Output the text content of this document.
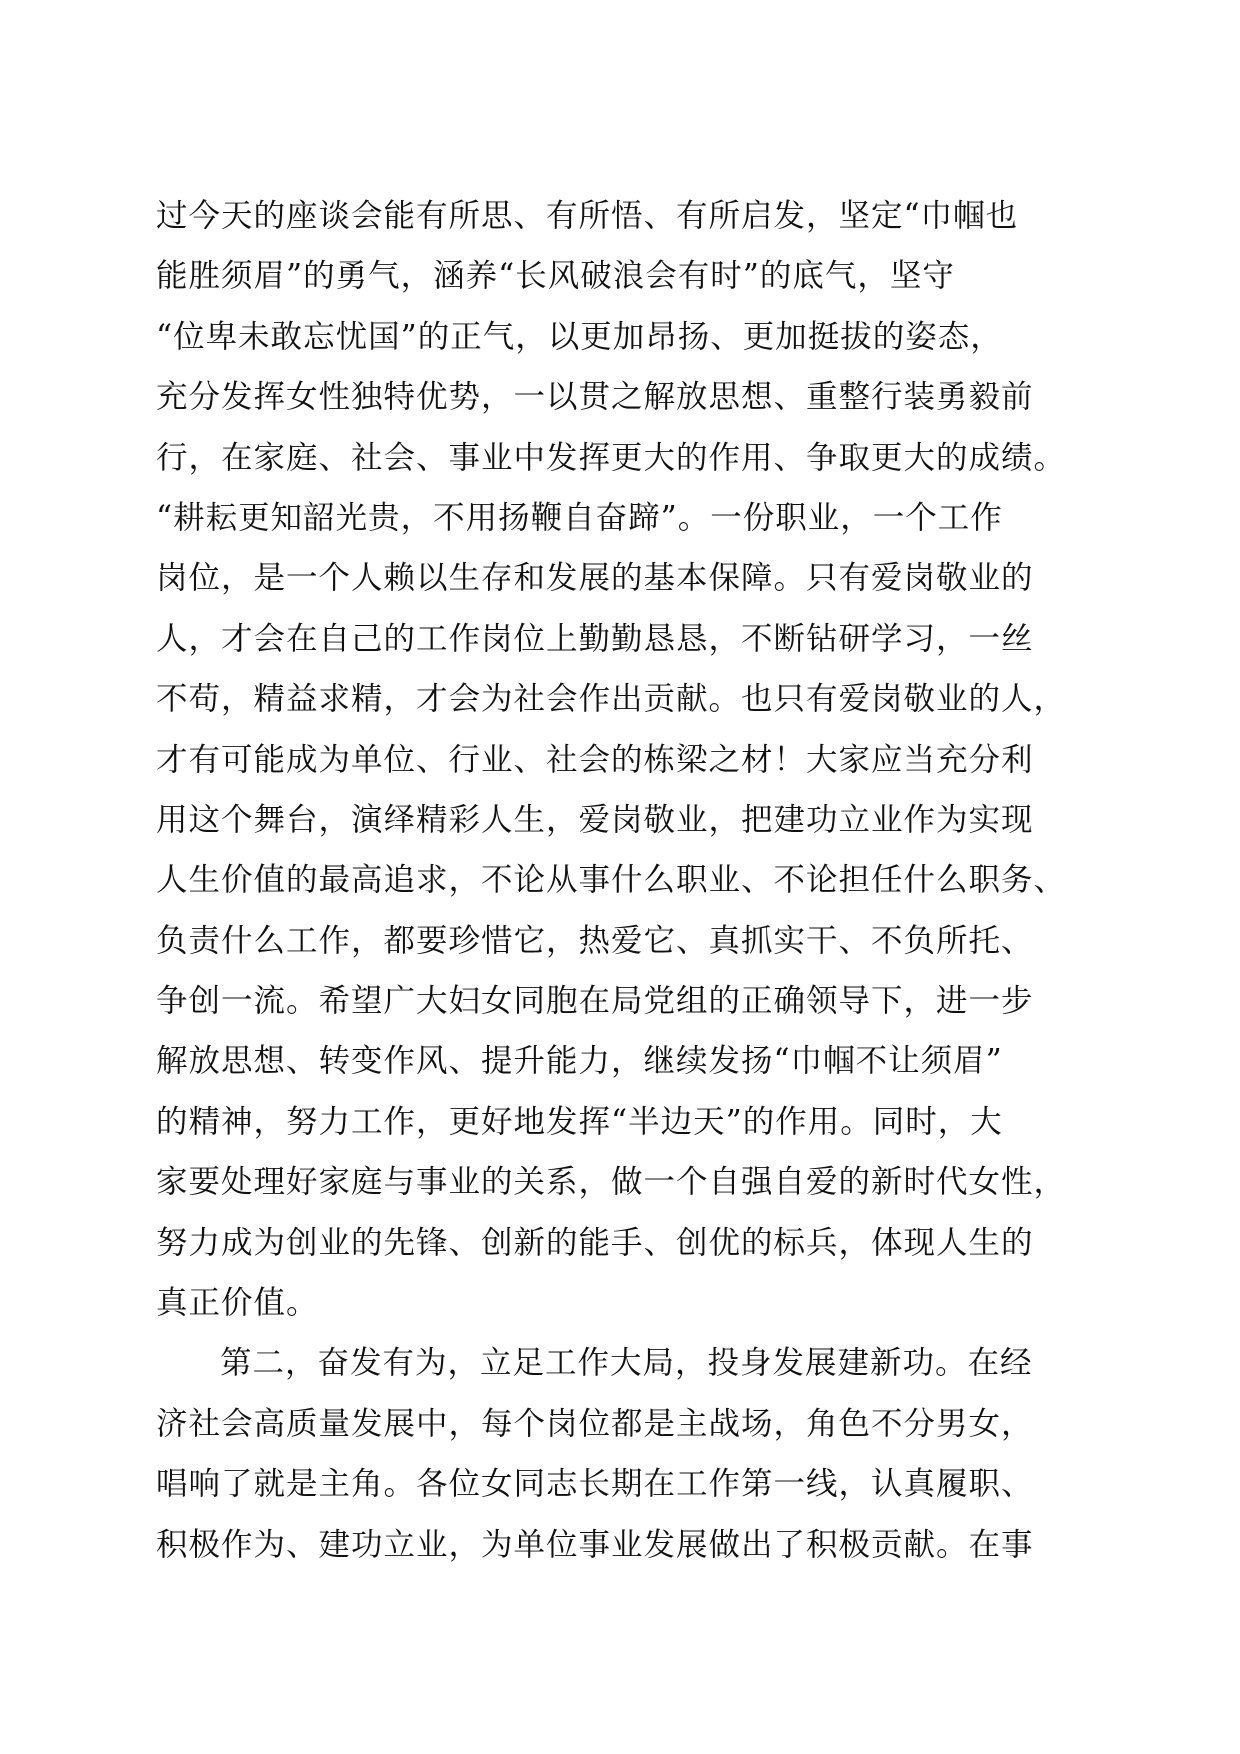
过今天的座谈会能有所思、有所悟、有所启发，坚定“巾帼也
能胜须眉”的勇气，涵养“长风破浪会有时”的底气，坚守
“位卑未敢忘忧国”的正气，以更加昂扬、更加挺拔的姿态，
充分发挥女性独特优势，一以贯之解放思想、重整行装勇毅前
行，在家庭、社会、事业中发挥更大的作用、争取更大的成绩。
“耕耘更知韶光贵，不用扬鞭自奋蹄”。一份职业，一个工作
岗位，是一个人赖以生存和发展的基本保障。只有爱岗敬业的
人，才会在自己的工作岗位上勤勤恳恳，不断钻研学习，一丝
不苟，精益求精，才会为社会作出贡献。也只有爱岗敬业的人，
才有可能成为单位、行业、社会的栋梁之材！大家应当充分利
用这个舞台，演绎精彩人生，爱岗敬业，把建功立业作为实现
人生价值的最高追求，不论从事什么职业、不论担任什么职务、
负责什么工作，都要珍惜它，热爱它、真抓实干、不负所托、
争创一流。希望广大妇女同胞在局党组的正确领导下，进一步
解放思想、转变作风、提升能力，继续发扬“巾帼不让须眉”
的精神，努力工作，更好地发挥“半边天”的作用。同时，大
家要处理好家庭与事业的关系，做一个自强自爱的新时代女性，
努力成为创业的先锋、创新的能手、创优的标兵，体现人生的
真正价值。
第二，奋发有为，立足工作大局，投身发展建新功。在经
济社会高质量发展中，每个岗位都是主战场，角色不分男女，
唱响了就是主角。各位女同志长期在工作第一线，认真履职、
积极作为、建功立业，为单位事业发展做出了积极贡献。在事
